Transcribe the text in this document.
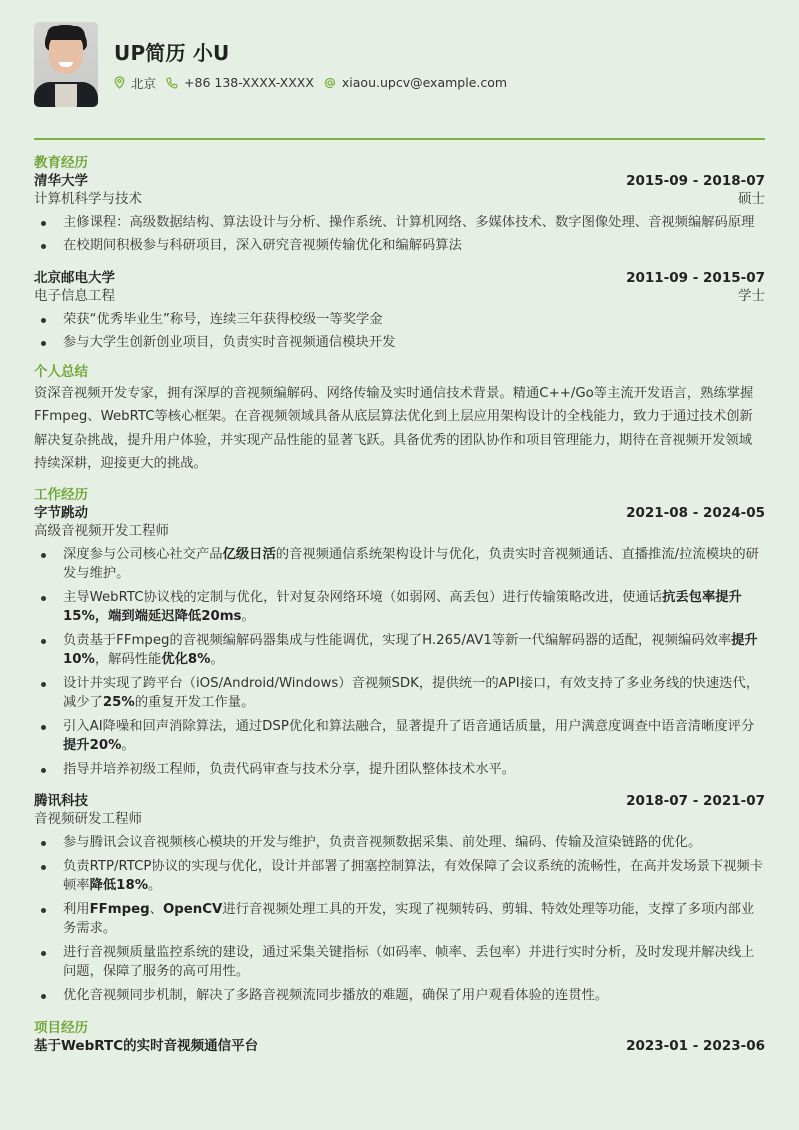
UP简历 小U
北京 +86 138-XXXX-XXXX xiaou.upcv@example.com
教育经历
清华大学	2015-09 - 2018-07
计算机科学与技术	硕士
主修课程：高级数据结构、算法设计与分析、操作系统、计算机网络、多媒体技术、数字图像处理、音视频编解码原理
在校期间积极参与科研项目，深入研究音视频传输优化和编解码算法
北京邮电大学	2011-09 - 2015-07
电子信息工程	学士
荣获“优秀毕业生”称号，连续三年获得校级一等奖学金
参与大学生创新创业项目，负责实时音视频通信模块开发
个人总结
资深音视频开发专家，拥有深厚的音视频编解码、网络传输及实时通信技术背景。精通C++/Go等主流开发语言，熟练掌握FFmpeg、WebRTC等核心框架。在音视频领域具备从底层算法优化到上层应用架构设计的全栈能力，致力于通过技术创新解决复杂挑战，提升用户体验，并实现产品性能的显著飞跃。具备优秀的团队协作和项目管理能力，期待在音视频开发领域持续深耕，迎接更大的挑战。
工作经历
字节跳动	2021-08 - 2024-05
高级音视频开发工程师
深度参与公司核心社交产品亿级日活的音视频通信系统架构设计与优化，负责实时音视频通话、直播推流/拉流模块的研发与维护。
主导WebRTC协议栈的定制与优化，针对复杂网络环境（如弱网、高丢包）进行传输策略改进，使通话抗丢包率提升15%，端到端延迟降低20ms。
负责基于FFmpeg的音视频编解码器集成与性能调优，实现了H.265/AV1等新一代编解码器的适配，视频编码效率提升10%，解码性能优化8%。
设计并实现了跨平台（iOS/Android/Windows）音视频SDK，提供统一的API接口，有效支持了多业务线的快速迭代，减少了25%的重复开发工作量。
引入AI降噪和回声消除算法，通过DSP优化和算法融合，显著提升了语音通话质量，用户满意度调查中语音清晰度评分提升20%。
指导并培养初级工程师，负责代码审查与技术分享，提升团队整体技术水平。
腾讯科技	2018-07 - 2021-07
音视频研发工程师
参与腾讯会议音视频核心模块的开发与维护，负责音视频数据采集、前处理、编码、传输及渲染链路的优化。
负责RTP/RTCP协议的实现与优化，设计并部署了拥塞控制算法，有效保障了会议系统的流畅性，在高并发场景下视频卡顿率降低18%。
利用FFmpeg、OpenCV进行音视频处理工具的开发，实现了视频转码、剪辑、特效处理等功能，支撑了多项内部业务需求。
进行音视频质量监控系统的建设，通过采集关键指标（如码率、帧率、丢包率）并进行实时分析，及时发现并解决线上问题，保障了服务的高可用性。
优化音视频同步机制，解决了多路音视频流同步播放的难题，确保了用户观看体验的连贯性。
项目经历
基于WebRTC的实时音视频通信平台	2023-01 - 2023-06
